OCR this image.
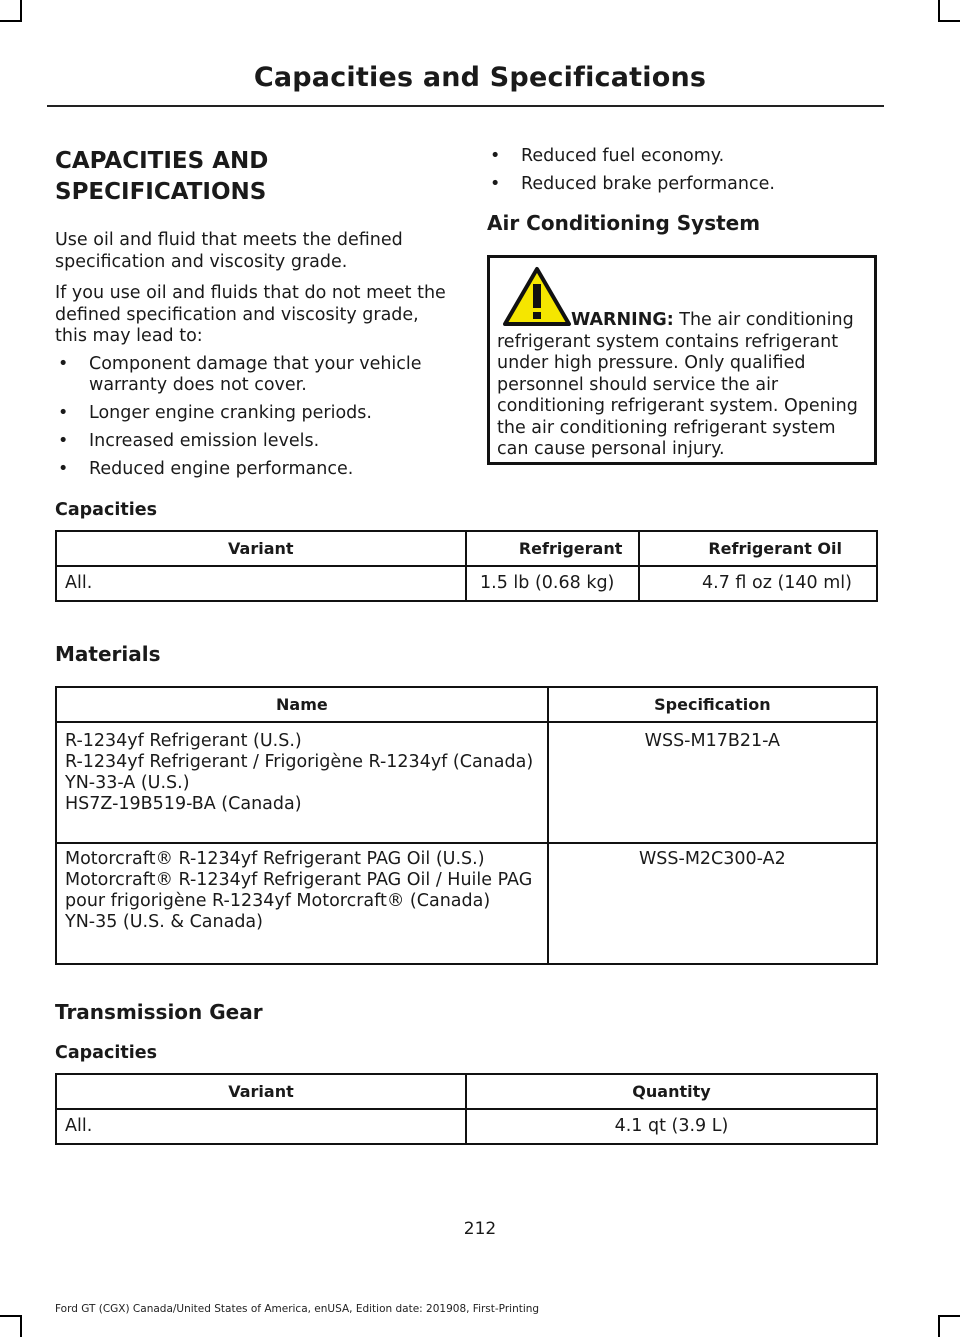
Capacities and Specifications
CAPACITIES AND
SPECIFICATIONS

Use oil and fluid that meets the defined specification and viscosity grade.

If you use oil and fluids that do not meet the defined specification and viscosity grade, this may lead to:

• Component damage that your vehicle warranty does not cover.
• Longer engine cranking periods.
• Increased emission levels.
• Reduced engine performance.
• Reduced fuel economy.
• Reduced brake performance.
Air Conditioning System
WARNING: The air conditioning refrigerant system contains refrigerant under high pressure. Only qualified personnel should service the air conditioning refrigerant system. Opening the air conditioning refrigerant system can cause personal injury.
Capacities
Variant	Refrigerant	Refrigerant Oil
All.	1.5 lb (0.68 kg)	4.7 fl oz (140 ml)
Materials
Name	Specification

R-1234yf Refrigerant (U.S.)
R-1234yf Refrigerant / Frigorigène R-1234yf (Canada)
YN-33-A (U.S.)
HS7Z-19B519-BA (Canada)	WSS-M17B21-A

Motorcraft® R-1234yf Refrigerant PAG Oil (U.S.)
Motorcraft® R-1234yf Refrigerant PAG Oil / Huile PAG pour frigorigène R-1234yf Motorcraft® (Canada)
YN-35 (U.S. & Canada)	WSS-M2C300-A2
Transmission Gear
Capacities
Variant	Quantity
All.	4.1 qt (3.9 L)
212
Ford GT (CGX) Canada/United States of America, enUSA, Edition date: 201908, First-Printing
